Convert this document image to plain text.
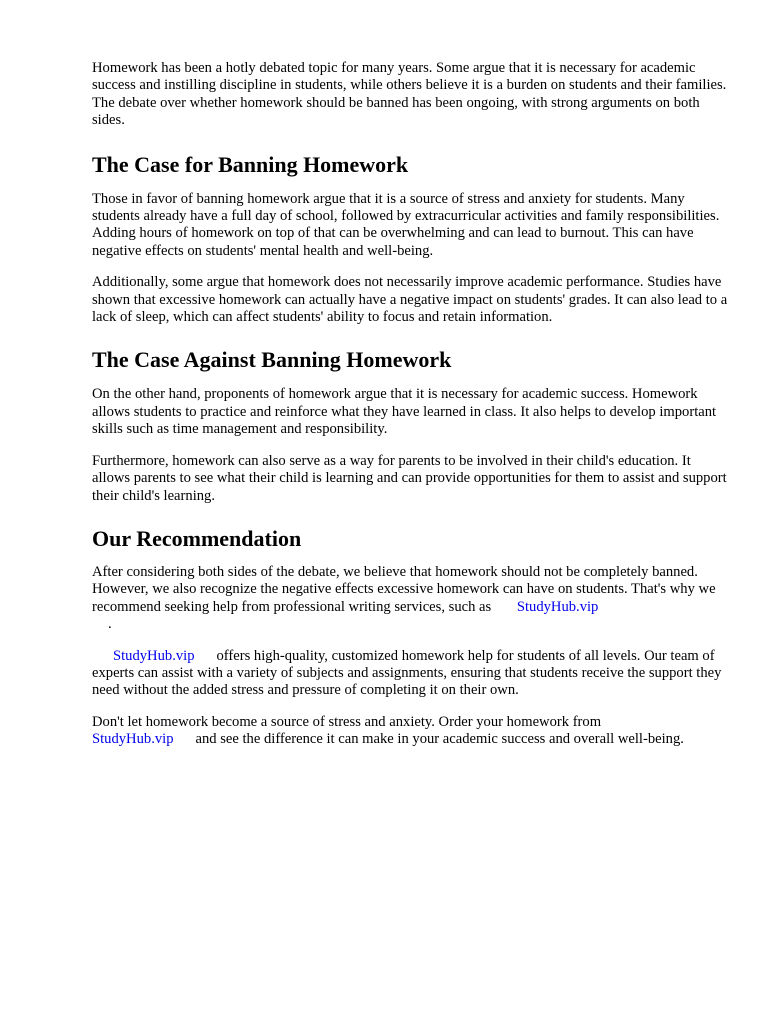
Homework has been a hotly debated topic for many years. Some argue that it is necessary for academic success and instilling discipline in students, while others believe it is a burden on students and their families. The debate over whether homework should be banned has been ongoing, with strong arguments on both sides.

The Case for Banning Homework

Those in favor of banning homework argue that it is a source of stress and anxiety for students. Many students already have a full day of school, followed by extracurricular activities and family responsibilities. Adding hours of homework on top of that can be overwhelming and can lead to burnout. This can have negative effects on students' mental health and well-being.

Additionally, some argue that homework does not necessarily improve academic performance. Studies have shown that excessive homework can actually have a negative impact on students' grades. It can also lead to a lack of sleep, which can affect students' ability to focus and retain information.

The Case Against Banning Homework

On the other hand, proponents of homework argue that it is necessary for academic success. Homework allows students to practice and reinforce what they have learned in class. It also helps to develop important skills such as time management and responsibility.

Furthermore, homework can also serve as a way for parents to be involved in their child's education. It allows parents to see what their child is learning and can provide opportunities for them to assist and support their child's learning.

Our Recommendation

After considering both sides of the debate, we believe that homework should not be completely banned. However, we also recognize the negative effects excessive homework can have on students. That's why we recommend seeking help from professional writing services, such as StudyHub.vip
.

StudyHub.vip offers high-quality, customized homework help for students of all levels. Our team of experts can assist with a variety of subjects and assignments, ensuring that students receive the support they need without the added stress and pressure of completing it on their own.

Don't let homework become a source of stress and anxiety. Order your homework from
StudyHub.vip and see the difference it can make in your academic success and overall well-being.
